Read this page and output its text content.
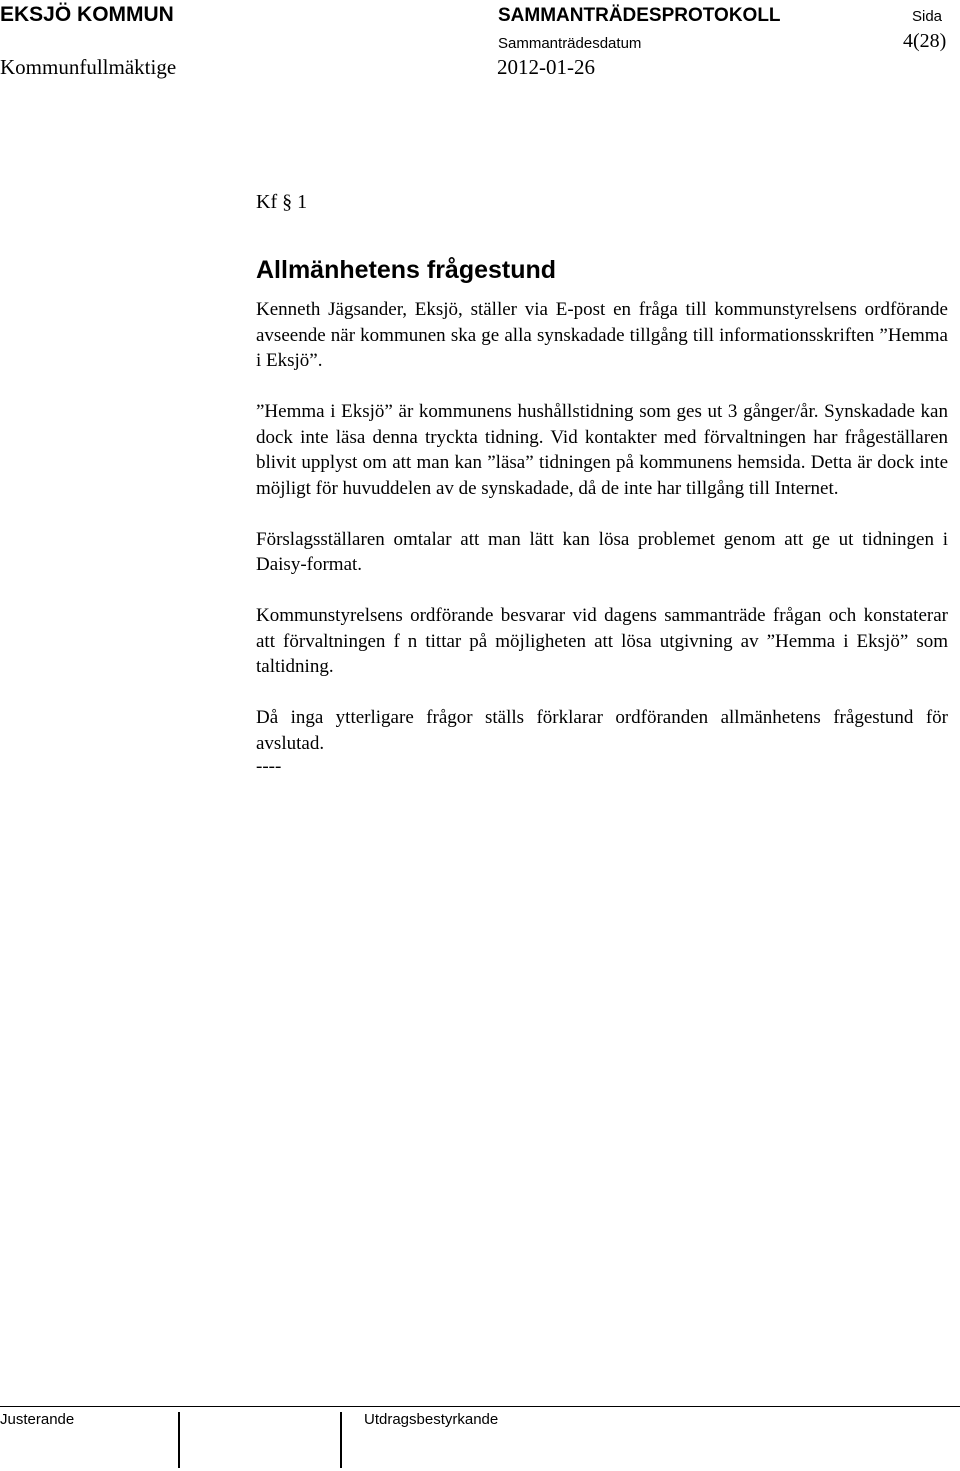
EKSJÖ KOMMUN	SAMMANTRÄDESPROTOKOLL	Sida
Sammanträdesdatum	4(28)
Kommunfullmäktige	2012-01-26

Kf § 1

Allmänhetens frågestund

Kenneth Jägsander, Eksjö, ställer via E-post en fråga till kommunstyrelsens ordförande avseende när kommunen ska ge alla synskadade tillgång till informationsskriften ”Hemma i Eksjö”.

”Hemma i Eksjö” är kommunens hushållstidning som ges ut 3 gånger/år. Synskadade kan dock inte läsa denna tryckta tidning. Vid kontakter med förvaltningen har frågeställaren blivit upplyst om att man kan ”läsa” tidningen på kommunens hemsida. Detta är dock inte möjligt för huvuddelen av de synskadade, då de inte har tillgång till Internet.

Förslagsställaren omtalar att man lätt kan lösa problemet genom att ge ut tidningen i Daisy-format.

Kommunstyrelsens ordförande besvarar vid dagens sammanträde frågan och konstaterar att förvaltningen f n tittar på möjligheten att lösa utgivning av ”Hemma i Eksjö” som taltidning.

Då inga ytterligare frågor ställs förklarar ordföranden allmänhetens frågestund för avslutad.

----

Justerande	Utdragsbestyrkande
